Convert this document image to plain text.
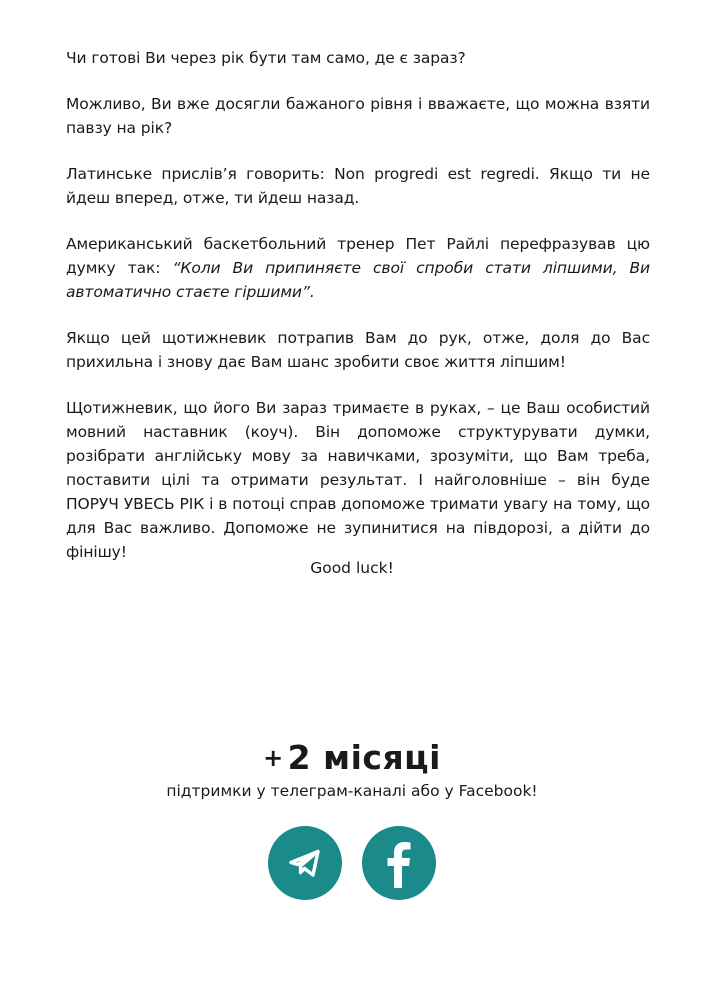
Чи готові Ви через рік бути там само, де є зараз?

Можливо, Ви вже досягли бажаного рівня і вважаєте, що можна взяти павзу на рік?

Латинське прислів’я говорить: Non progredi est regredi. Якщо ти не йдеш вперед, отже, ти йдеш назад.

Американський баскетбольний тренер Пет Райлі перефразував цю думку так: “Коли Ви припиняєте свої спроби стати ліпшими, Ви автоматично стаєте гіршими”.

Якщо цей щотижневик потрапив Вам до рук, отже, доля до Вас прихильна і знову дає Вам шанс зробити своє життя ліпшим!

Щотижневик, що його Ви зараз тримаєте в руках, – це Ваш особистий мовний наставник (коуч). Він допоможе структурувати думки, розібрати англійську мову за навичками, зрозуміти, що Вам треба, поставити цілі та отримати результат. І найголовніше – він буде ПОРУЧ УВЕСЬ РІК і в потоці справ допоможе тримати увагу на тому, що для Вас важливо. Допоможе не зупинитися на півдорозі, а дійти до фінішу!

Good luck!
+ 2 місяці
підтримки у телеграм-каналі або у Facebook!
